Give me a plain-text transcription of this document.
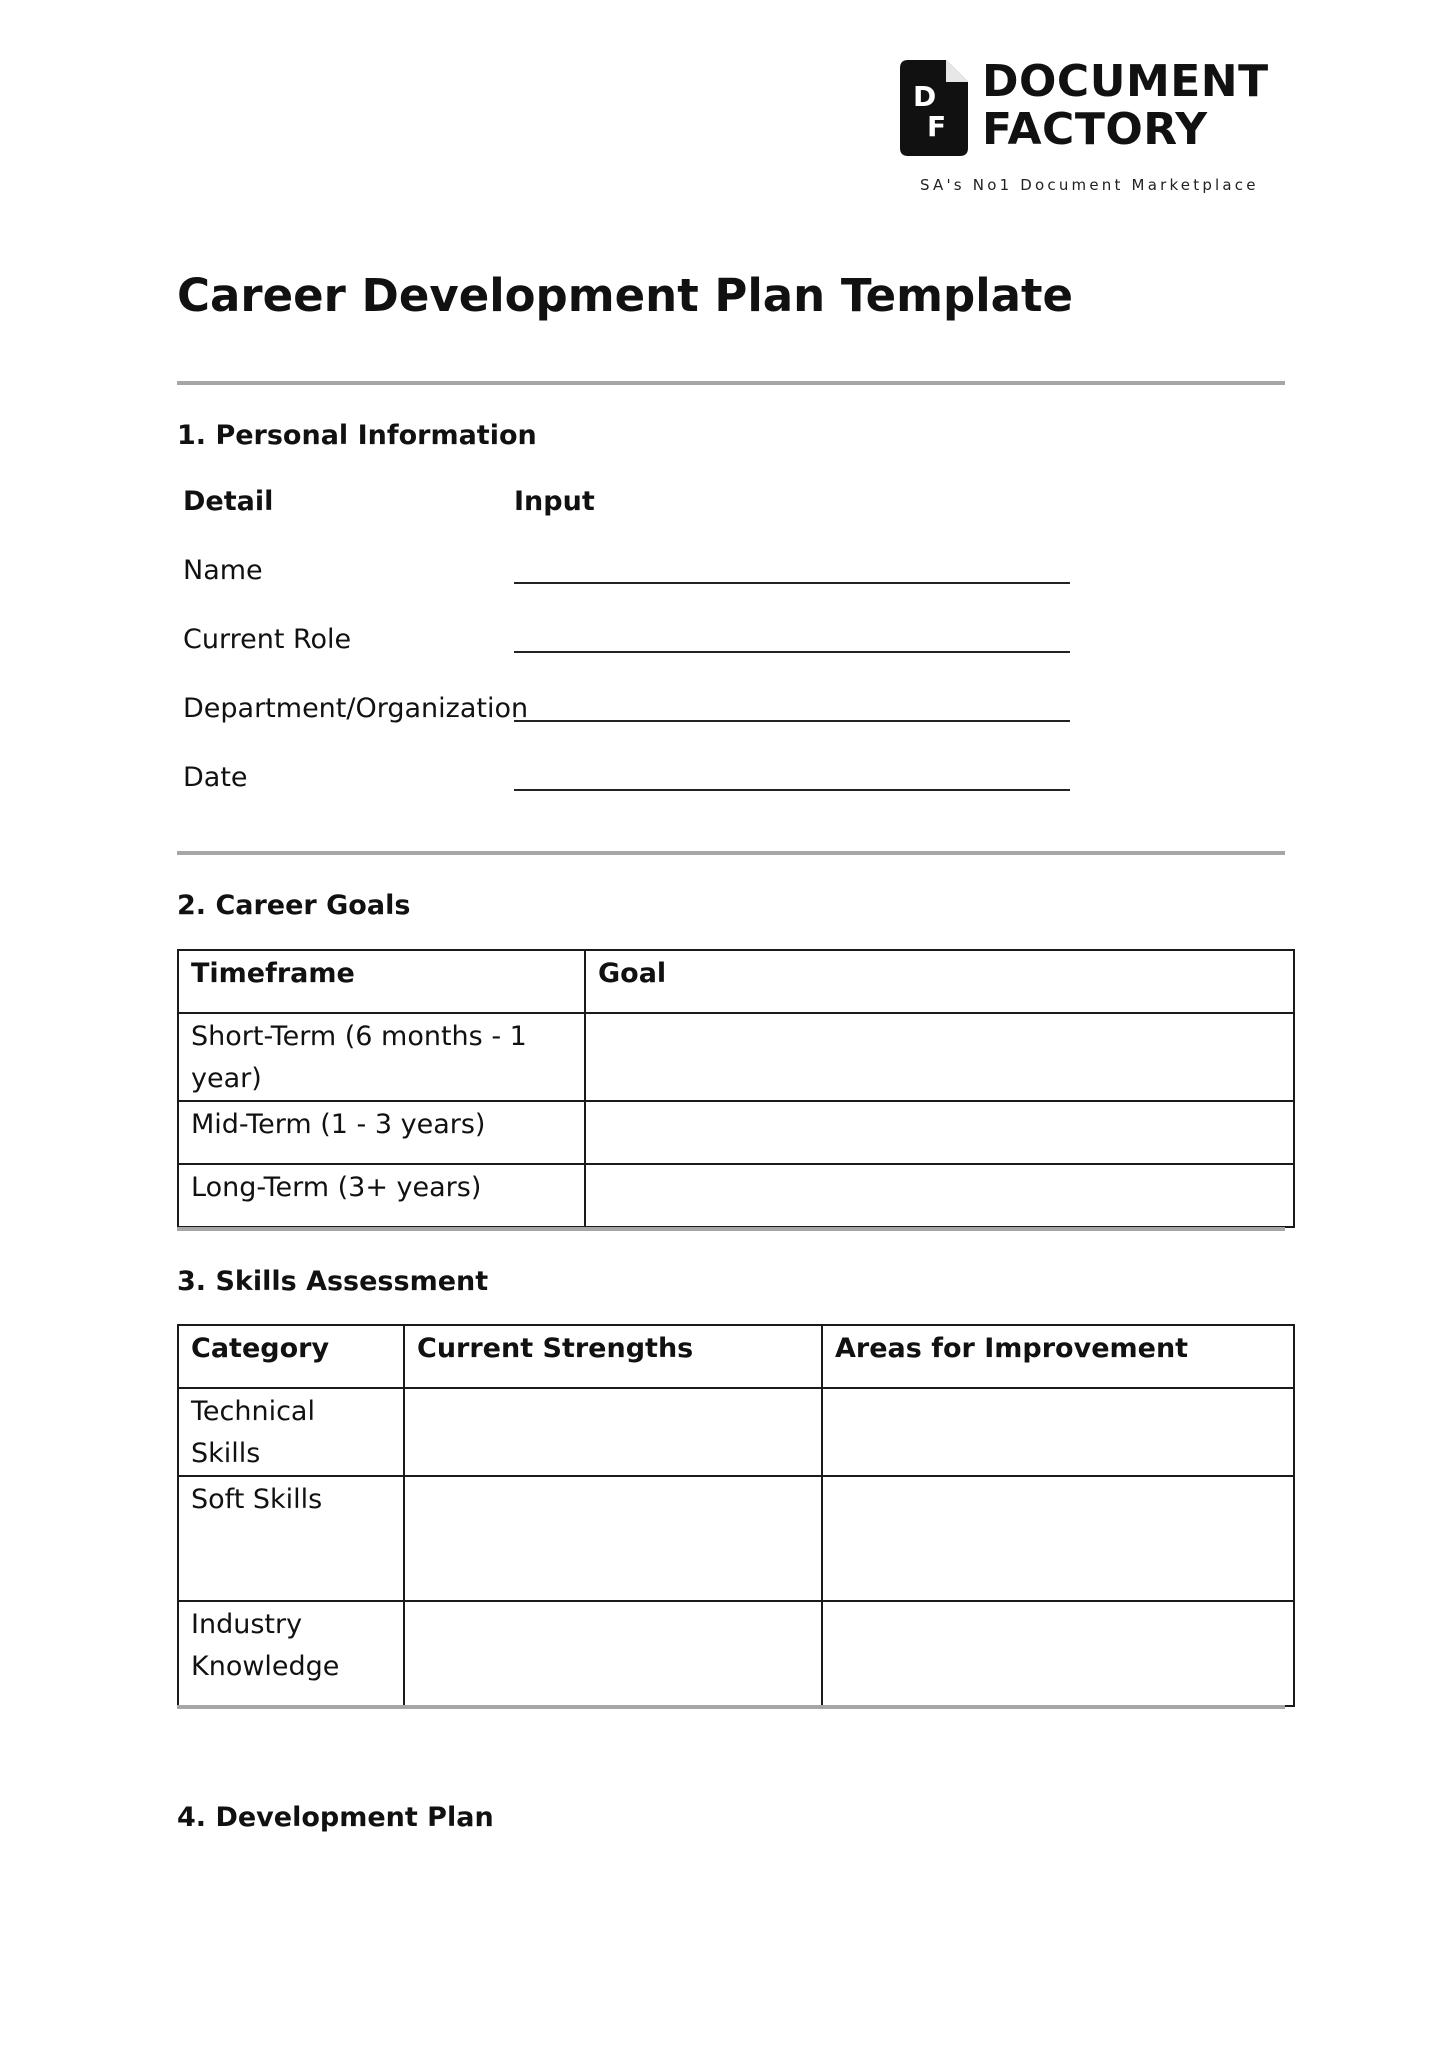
D
F
DOCUMENT
FACTORY
SA's No1 Document Marketplace
Career Development Plan Template
1. Personal Information
Detail	Input
Name
Current Role
Department/Organization
Date
2. Career Goals
Timeframe	Goal
Short-Term (6 months - 1 year)	
Mid-Term (1 - 3 years)	
Long-Term (3+ years)	
3. Skills Assessment
Category	Current Strengths	Areas for Improvement
Technical Skills		
Soft Skills		
Industry Knowledge		
4. Development Plan
